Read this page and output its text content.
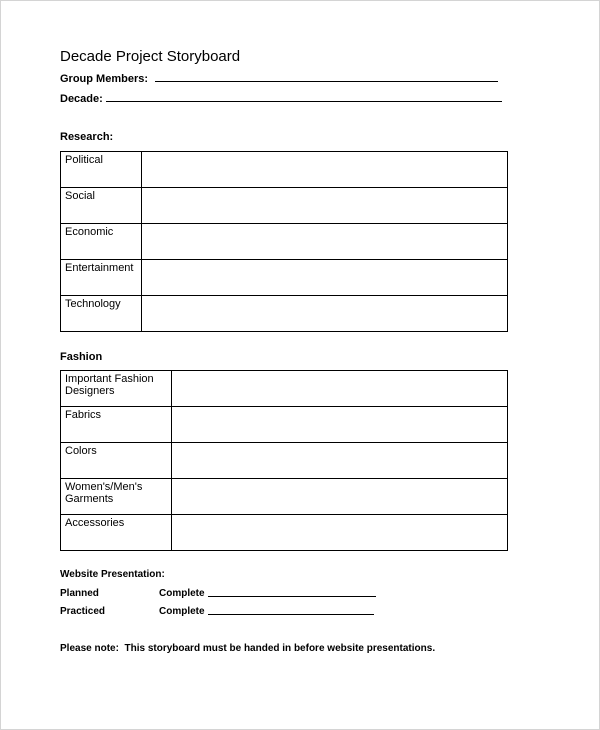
Decade Project Storyboard
Group Members:
Decade:
Research:
Political	
Social	
Economic	
Entertainment	
Technology	
Fashion
Important Fashion Designers	
Fabrics	
Colors	
Women's/Men's Garments	
Accessories	
Website Presentation:
Planned	Complete
Practiced	Complete
Please note: This storyboard must be handed in before website presentations.
